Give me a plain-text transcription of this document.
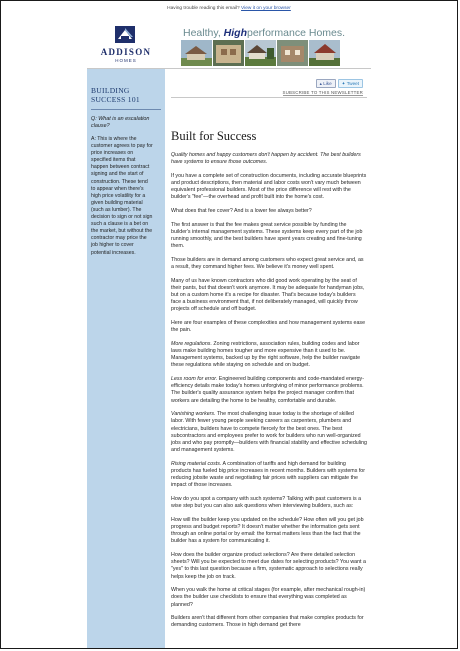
Having trouble reading this email? View it on your browser
ADDISON
HOMES
Healthy, Highperformance Homes.
BUILDING
SUCCESS 101
Q: What is an escalation clause?
A: This is where the customer agrees to pay for price increases on specified items that happen between contract signing and the start of construction. These tend to appear when there's high price volatility for a given building material (such as lumber). The decision to sign or not sign such a clause is a bet on the market, but without the contractor may price the job higher to cover potential increases.
▴ Like	✦ Tweet
SUBSCRIBE TO THIS NEWSLETTER
Built for Success

Quality homes and happy customers don't happen by accident. The best builders have systems to ensure those outcomes.

If you have a complete set of construction documents, including accurate blueprints and product descriptions, then material and labor costs won't vary much between equivalent professional builders. Most of the price difference will rest with the builder's "fee"—the overhead and profit built into the home's cost.

What does that fee cover? And is a lower fee always better?

The first answer is that the fee makes great service possible by funding the builder's internal management systems. These systems keep every part of the job running smoothly, and the best builders have spent years creating and fine-tuning them.

Those builders are in demand among customers who expect great service and, as a result, they command higher fees. We believe it's money well spent.

Many of us have known contractors who did good work operating by the seat of their pants, but that doesn't work anymore. It may be adequate for handyman jobs, but on a custom home it's a recipe for disaster. That's because today's builders face a business environment that, if not deliberately managed, will quickly throw projects off schedule and off budget.

Here are four examples of these complexities and how management systems ease the pain.

More regulations. Zoning restrictions, association rules, building codes and labor laws make building homes tougher and more expensive than it used to be. Management systems, backed up by the right software, help the builder navigate these regulations while staying on schedule and on budget.

Less room for error. Engineered building components and code-mandated energy-efficiency details make today's homes unforgiving of minor performance problems. The builder's quality assurance system helps the project manager confirm that workers are detailing the home to be healthy, comfortable and durable.

Vanishing workers. The most challenging issue today is the shortage of skilled labor. With fewer young people seeking careers as carpenters, plumbers and electricians, builders have to compete fiercely for the best ones. The best subcontractors and employees prefer to work for builders who run well-organized jobs and who pay promptly—builders with financial stability and effective scheduling and management systems.

Rising material costs. A combination of tariffs and high demand for building products has fueled big price increases in recent months. Builders with systems for reducing jobsite waste and negotiating fair prices with suppliers can mitigate the impact of those increases.

How do you spot a company with such systems? Talking with past customers is a wise step but you can also ask questions when interviewing builders, such as:

How will the builder keep you updated on the schedule? How often will you get job progress and budget reports? It doesn't matter whether the information gets sent through an online portal or by email: the format matters less than the fact that the builder has a system for communicating it.

How does the builder organize product selections? Are there detailed selection sheets? Will you be expected to meet due dates for selecting products? You want a "yes" to this last question because a firm, systematic approach to selections really helps keep the job on track.

When you walk the home at critical stages (for example, after mechanical rough-in) does the builder use checklists to ensure that everything was completed as planned?

Builders aren't that different from other companies that make complex products for demanding customers. Those in high demand get there
